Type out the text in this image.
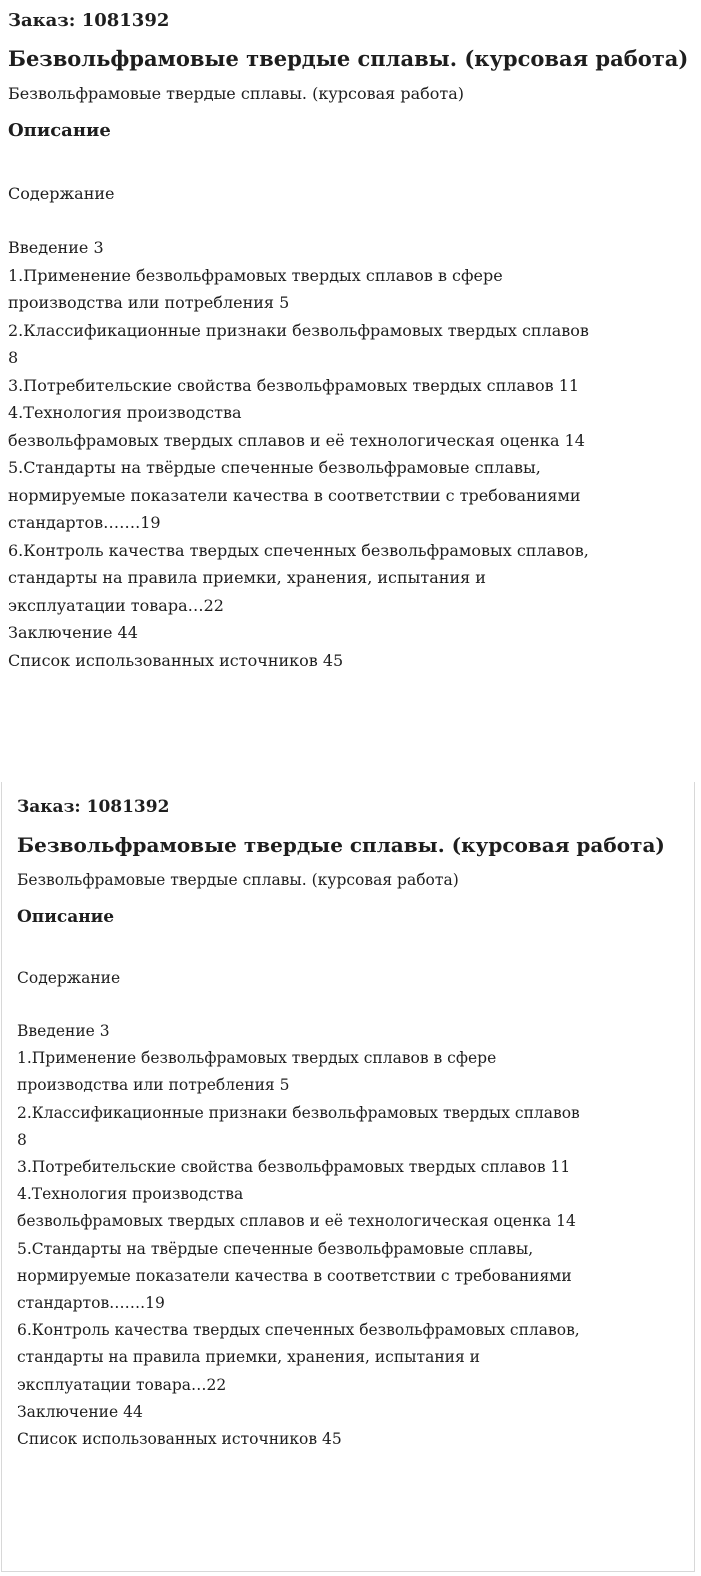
Заказ: 1081392

Безвольфрамовые твердые сплавы. (курсовая работа)

Безвольфрамовые твердые сплавы. (курсовая работа)

Описание

Содержание

Введение 3
1.Применение безвольфрамовых твердых сплавов в сфере
производства или потребления 5
2.Классификационные признаки безвольфрамовых твердых сплавов
8
3.Потребительские свойства безвольфрамовых твердых сплавов 11
4.Технология производства
безвольфрамовых твердых сплавов и её технологическая оценка 14
5.Стандарты на твёрдые спеченные безвольфрамовые сплавы,
нормируемые показатели качества в соответствии с требованиями
стандартов…….19
6.Контроль качества твердых спеченных безвольфрамовых сплавов,
стандарты на правила приемки, хранения, испытания и
эксплуатации товара…22
Заключение 44
Список использованных источников 45

Заказ: 1081392

Безвольфрамовые твердые сплавы. (курсовая работа)

Безвольфрамовые твердые сплавы. (курсовая работа)

Описание

Содержание

Введение 3
1.Применение безвольфрамовых твердых сплавов в сфере
производства или потребления 5
2.Классификационные признаки безвольфрамовых твердых сплавов
8
3.Потребительские свойства безвольфрамовых твердых сплавов 11
4.Технология производства
безвольфрамовых твердых сплавов и её технологическая оценка 14
5.Стандарты на твёрдые спеченные безвольфрамовые сплавы,
нормируемые показатели качества в соответствии с требованиями
стандартов…….19
6.Контроль качества твердых спеченных безвольфрамовых сплавов,
стандарты на правила приемки, хранения, испытания и
эксплуатации товара…22
Заключение 44
Список использованных источников 45
